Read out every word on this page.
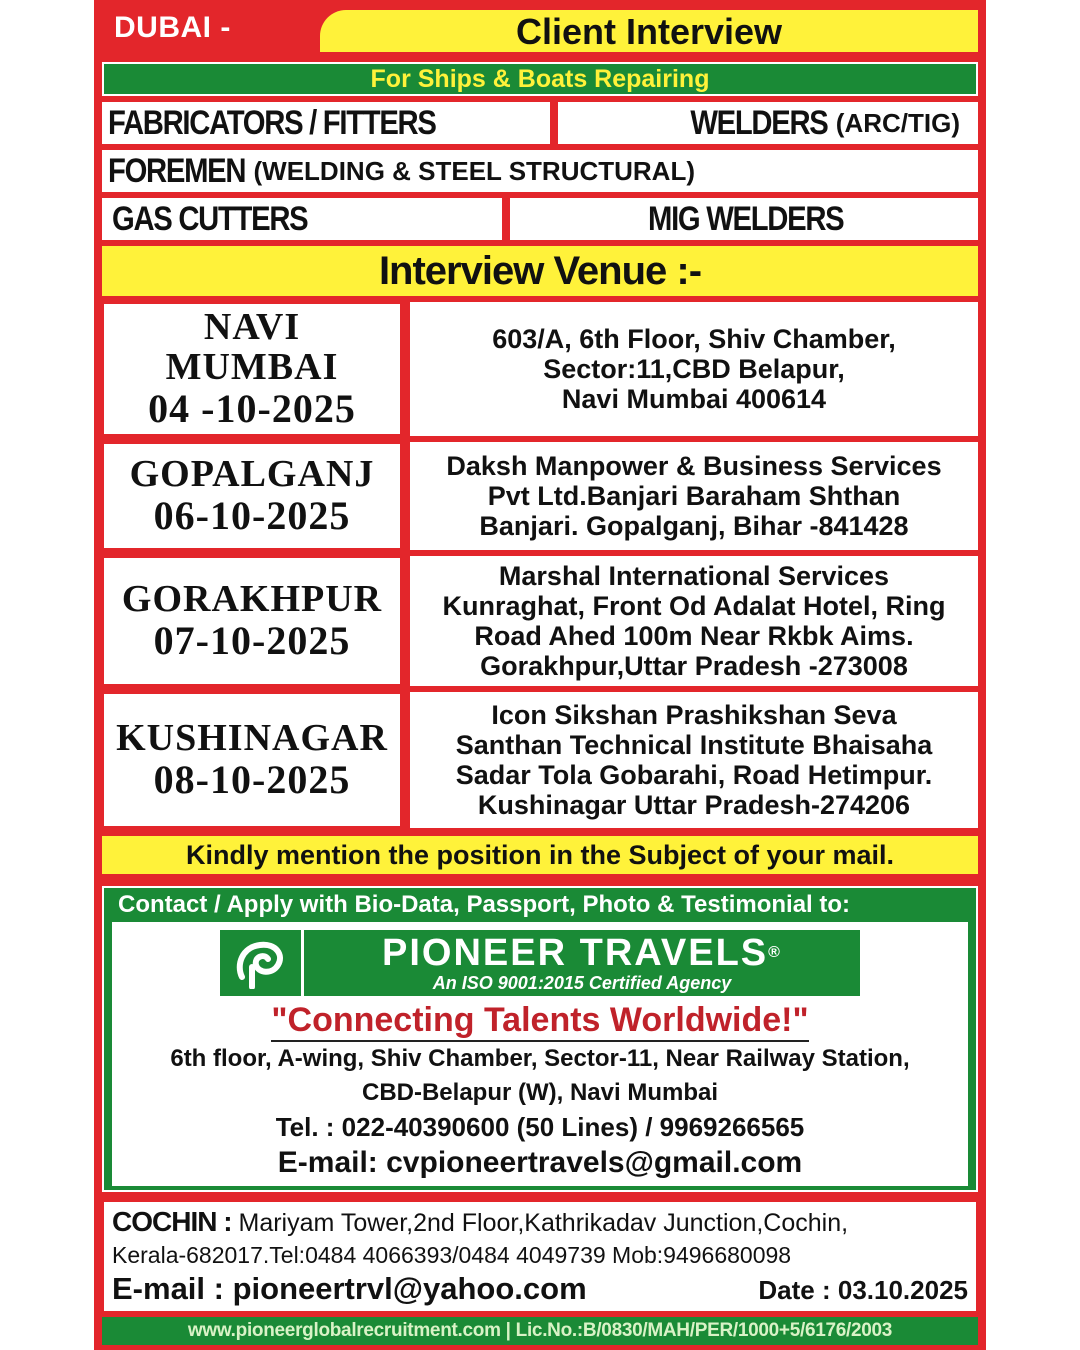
DUBAI -	Client Interview
For Ships & Boats Repairing
FABRICATORS / FITTERS	WELDERS (ARC/TIG)
FOREMEN (WELDING & STEEL STRUCTURAL)
GAS CUTTERS	MIG WELDERS
Interview Venue :-
NAVI MUMBAI
04 -10-2025
603/A, 6th Floor, Shiv Chamber,
Sector:11,CBD Belapur,
Navi Mumbai 400614
GOPALGANJ
06-10-2025
Daksh Manpower & Business Services
Pvt Ltd.Banjari Baraham Shthan
Banjari. Gopalganj, Bihar -841428
GORAKHPUR
07-10-2025
Marshal International Services
Kunraghat, Front Od Adalat Hotel, Ring
Road Ahed 100m Near Rkbk Aims.
Gorakhpur,Uttar Pradesh -273008
KUSHINAGAR
08-10-2025
Icon Sikshan Prashikshan Seva
Santhan Technical Institute Bhaisaha
Sadar Tola Gobarahi, Road Hetimpur.
Kushinagar Uttar Pradesh-274206
Kindly mention the position in the Subject of your mail.
Contact / Apply with Bio-Data, Passport, Photo & Testimonial to:
PIONEER TRAVELS®
An ISO 9001:2015 Certified Agency
"Connecting Talents Worldwide!"
6th floor, A-wing, Shiv Chamber, Sector-11, Near Railway Station,
CBD-Belapur (W), Navi Mumbai
Tel. : 022-40390600 (50 Lines) / 9969266565
E-mail: cvpioneertravels@gmail.com
COCHIN : Mariyam Tower,2nd Floor,Kathrikadav Junction,Cochin,
Kerala-682017.Tel:0484 4066393/0484 4049739 Mob:9496680098
E-mail : pioneertrvl@yahoo.com	Date : 03.10.2025
www.pioneerglobalrecruitment.com | Lic.No.:B/0830/MAH/PER/1000+5/6176/2003
